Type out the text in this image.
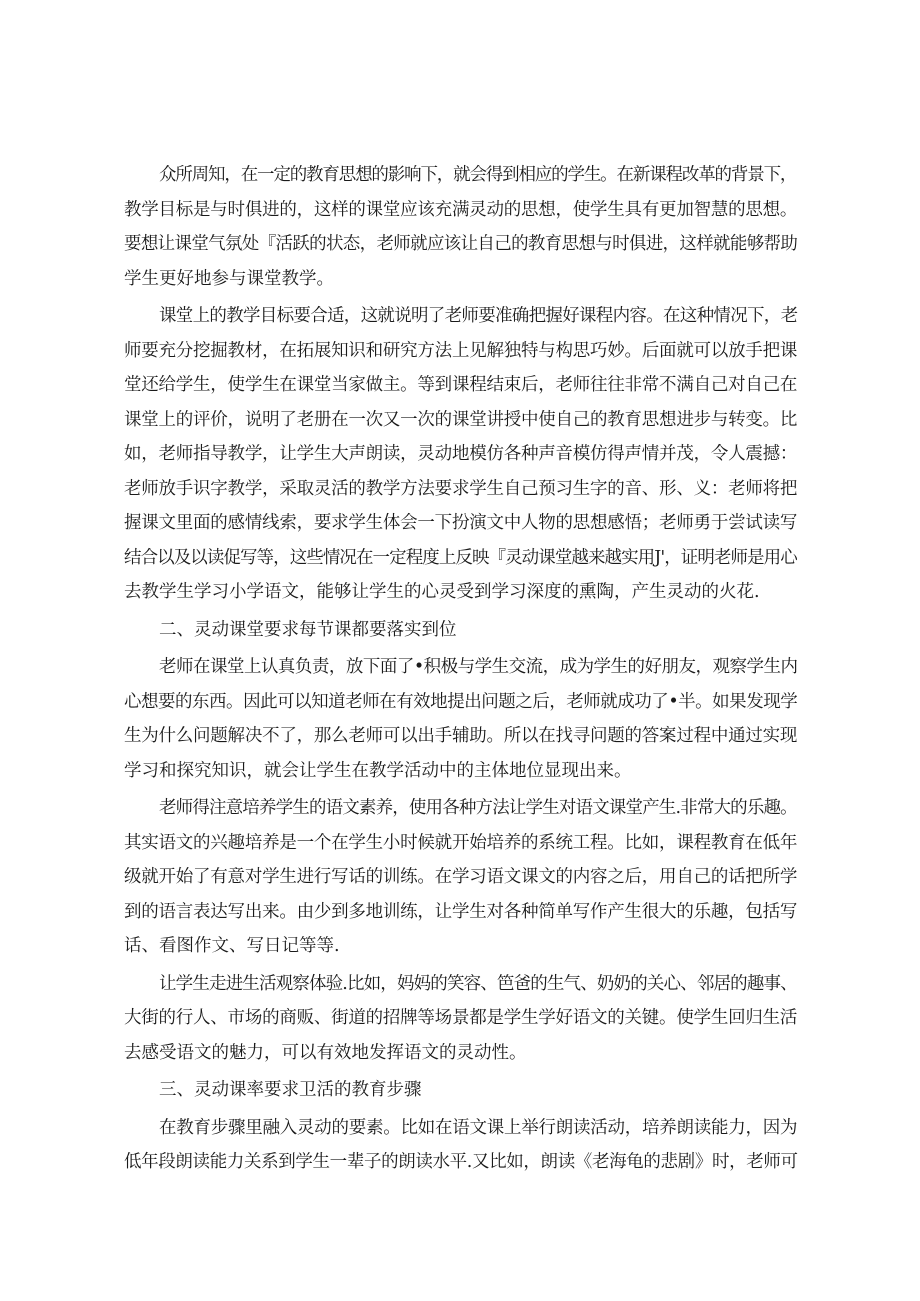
众所周知，在一定的教育思想的影响下，就会得到相应的学生。在新课程改革的背景下，
教学目标是与时俱进的，这样的课堂应该充满灵动的思想，使学生具有更加智慧的思想。
要想让课堂气氛处『活跃的状态，老师就应该让自己的教育思想与时俱进，这样就能够帮助
学生更好地参与课堂教学。
课堂上的教学目标要合适，这就说明了老师要准确把握好课程内容。在这种情况下，老
师要充分挖掘教材，在拓展知识和研究方法上见解独特与构思巧妙。后面就可以放手把课
堂还给学生，使学生在课堂当家做主。等到课程结束后，老师往往非常不满自己对自己在
课堂上的评价，说明了老册在一次又一次的课堂讲授中使自己的教育思想进步与转变。比
如，老师指导教学，让学生大声朗读，灵动地模仿各种声音模仿得声情并茂，令人震撼：
老师放手识字教学，采取灵活的教学方法要求学生自己预习生字的音、形、义：老师将把
握课文里面的感情线索，要求学生体会一下扮演文中人物的思想感悟；老师勇于尝试读写
结合以及以读促写等，这些情况在一定程度上反映『灵动课堂越来越实用J'，证明老师是用心
去教学生学习小学语文，能够让学生的心灵受到学习深度的熏陶，产生灵动的火花.
二、灵动课堂要求每节课都要落实到位
老师在课堂上认真负责，放下面了•积极与学生交流，成为学生的好朋友，观察学生内
心想要的东西。因此可以知道老师在有效地提出问题之后，老师就成功了•半。如果发现学
生为什么问题解决不了，那么老师可以出手辅助。所以在找寻问题的答案过程中通过实现
学习和探究知识，就会让学生在教学活动中的主体地位显现出来。
老师得注意培养学生的语文素养，使用各种方法让学生对语文课堂产生.非常大的乐趣。
其实语文的兴趣培养是一个在学生小时候就开始培养的系统工程。比如，课程教育在低年
级就开始了有意对学生进行写话的训练。在学习语文课文的内容之后，用自己的话把所学
到的语言表达写出来。由少到多地训练，让学生对各种简单写作产生很大的乐趣，包括写
话、看图作文、写日记等等.
让学生走进生活观察体验.比如，妈妈的笑容、笆爸的生气、奶奶的关心、邻居的趣事、
大街的行人、市场的商贩、街道的招牌等场景都是学生学好语文的关键。使学生回归生活
去感受语文的魅力，可以有效地发挥语文的灵动性。
三、灵动课率要求卫活的教育步骤
在教育步骤里融入灵动的要素。比如在语文课上举行朗读活动，培养朗读能力，因为
低年段朗读能力关系到学生一辈子的朗读水平.又比如，朗读《老海龟的悲剧》时，老师可
